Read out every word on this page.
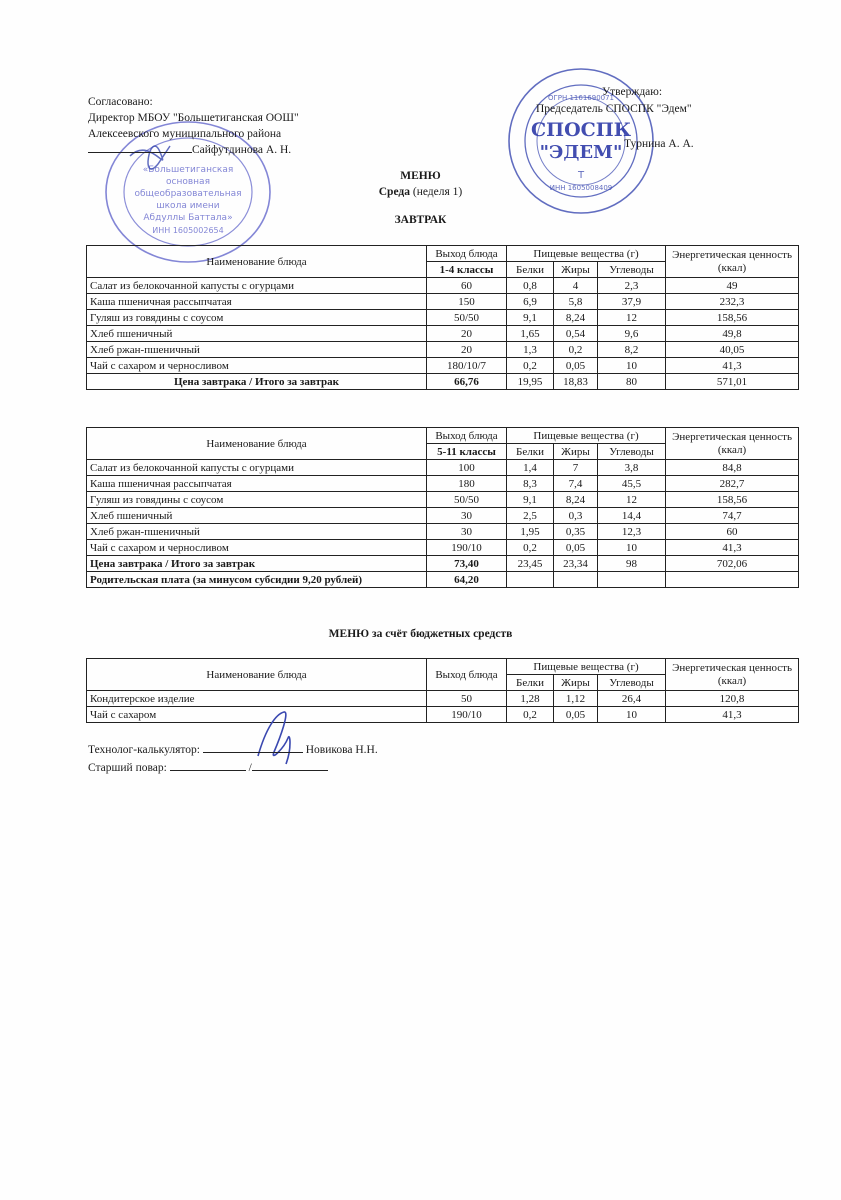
«Большетиганская
основная
общеобразовательная
школа имени
Абдуллы Баттала»
ИНН 1605002654
СПОСПК
"ЭДЕМ"
Т
ИНН 1605008409
ОГРН 1161690071
Согласовано:
Директор МБОУ "Большетиганская ООШ"
Алексеевского муниципального района
Сайфутдинова А. Н.
Утверждаю:
Председатель СПОСПК "Эдем"
Турнина А. А.
МЕНЮ
Среда (неделя 1)
ЗАВТРАК
Наименование блюда	Выход блюда	Пищевые вещества (г)			Энергетическая ценность (ккал)
	1-4 классы	Белки	Жиры	Углеводы	
Салат из белокочанной капусты с огурцами	60	0,8	4	2,3	49
Каша пшеничная рассыпчатая	150	6,9	5,8	37,9	232,3
Гуляш из говядины с соусом	50/50	9,1	8,24	12	158,56
Хлеб пшеничный	20	1,65	0,54	9,6	49,8
Хлеб ржан-пшеничный	20	1,3	0,2	8,2	40,05
Чай с сахаром и черносливом	180/10/7	0,2	0,05	10	41,3
Цена завтрака / Итого за завтрак	66,76	19,95	18,83	80	571,01
Наименование блюда	Выход блюда	Пищевые вещества (г)			Энергетическая ценность (ккал)
	5-11 классы	Белки	Жиры	Углеводы	
Салат из белокочанной капусты с огурцами	100	1,4	7	3,8	84,8
Каша пшеничная рассыпчатая	180	8,3	7,4	45,5	282,7
Гуляш из говядины с соусом	50/50	9,1	8,24	12	158,56
Хлеб пшеничный	30	2,5	0,3	14,4	74,7
Хлеб ржан-пшеничный	30	1,95	0,35	12,3	60
Чай с сахаром и черносливом	190/10	0,2	0,05	10	41,3
Цена завтрака / Итого за завтрак	73,40	23,45	23,34	98	702,06
Родительская плата (за минусом субсидии 9,20 рублей)	64,20				
МЕНЮ за счёт бюджетных средств
Наименование блюда	Выход блюда	Пищевые вещества (г)			Энергетическая ценность (ккал)
		Белки	Жиры	Углеводы	
Кондитерское изделие	50	1,28	1,12	26,4	120,8
Чай с сахаром	190/10	0,2	0,05	10	41,3
Технолог-калькулятор:	Новикова Н.Н.
Старший повар:	/
